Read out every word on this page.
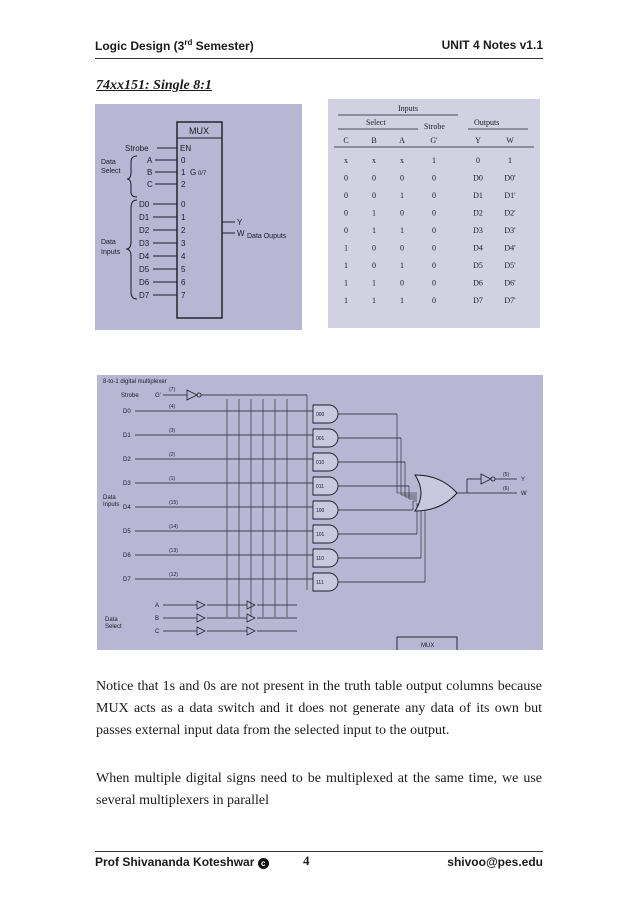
Logic Design (3rd Semester)	UNIT 4 Notes v1.1
74xx151: Single 8:1
MUX
Strobe	EN
Data
Select
A	0
B	1
C	2
G 0/7
Data
Inputs
D0	0
D1	1
D2	2
D3	3
D4	4
D5	5
D6	6
D7	7
Y
W Data Ouputs
Inputs
Select	Strobe	Outputs
C	B	A	G'	Y	W
x	x	x	1	0	1
0	0	0	0	D0	D0'
0	0	1	0	D1	D1'
0	1	0	0	D2	D2'
0	1	1	0	D3	D3'
1	0	0	0	D4	D4'
1	0	1	0	D5	D5'
1	1	0	0	D6	D6'
1	1	1	0	D7	D7'
8-to-1 digital multiplexer
Strobe	G'
(7)
D0
(4)
000
D1
(3)
001
D2
(2)
010
D3
(1)
011
D4
(15)
100
D5
(14)
101
D6
(13)
110
D7
(12)
111
(5)
(6)
Y
W
Data
Inputs
Data
Select
A
B
C
MUX
Notice that 1s and 0s are not present in the truth table output columns because MUX acts as a data switch and it does not generate any data of its own but passes external input data from the selected input to the output.
When multiple digital signs need to be multiplexed at the same time, we use several multiplexers in parallel
Prof Shivananda Koteshwar c	4	shivoo@pes.edu
